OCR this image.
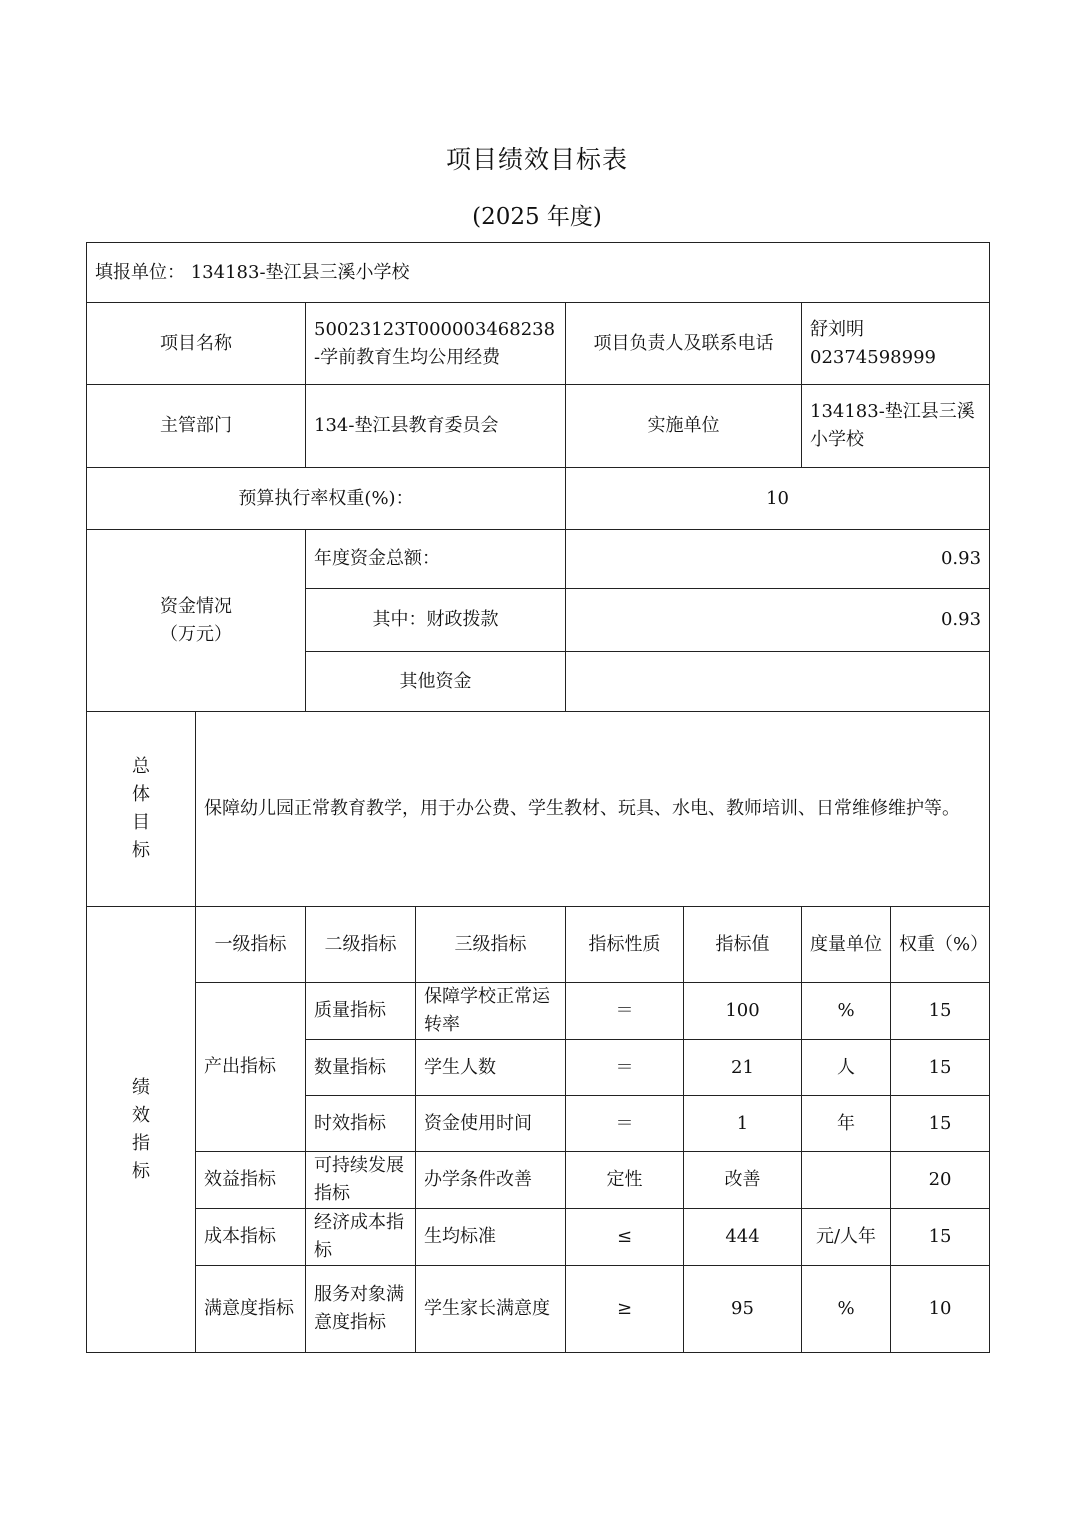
项目绩效目标表
(2025 年度)
填报单位： 134183-垫江县三溪小学校							
项目名称		50023123T000003468238-学前教育生均公用经费		项目负责人及联系电话		舒刘明
02374598999	

主管部门		134-垫江县教育委员会		实施单位		134183-垫江县三溪小学校	
预算执行率权重(%)：				10			

资金情况
（万元）		年度资金总额：		0.93			
		其中：财政拨款		0.93			
		其他资金					

总
体
目
标	保障幼儿园正常教育教学，用于办公费、学生教材、玩具、水电、教师培训、日常维修维护等。						

绩
效
指
标	一级指标	二级指标	三级指标	指标性质	指标值	度量单位	权重（%）
	产出指标	质量指标	保障学校正常运转率	＝	100	%	15
		数量指标	学生人数	＝	21	人	15
		时效指标	资金使用时间	＝	1	年	15
	效益指标	可持续发展指标	办学条件改善	定性	改善		20
	成本指标	经济成本指标	生均标准	≤	444	元/人年	15
	满意度指标	服务对象满意度指标	学生家长满意度	≥	95	%	10
